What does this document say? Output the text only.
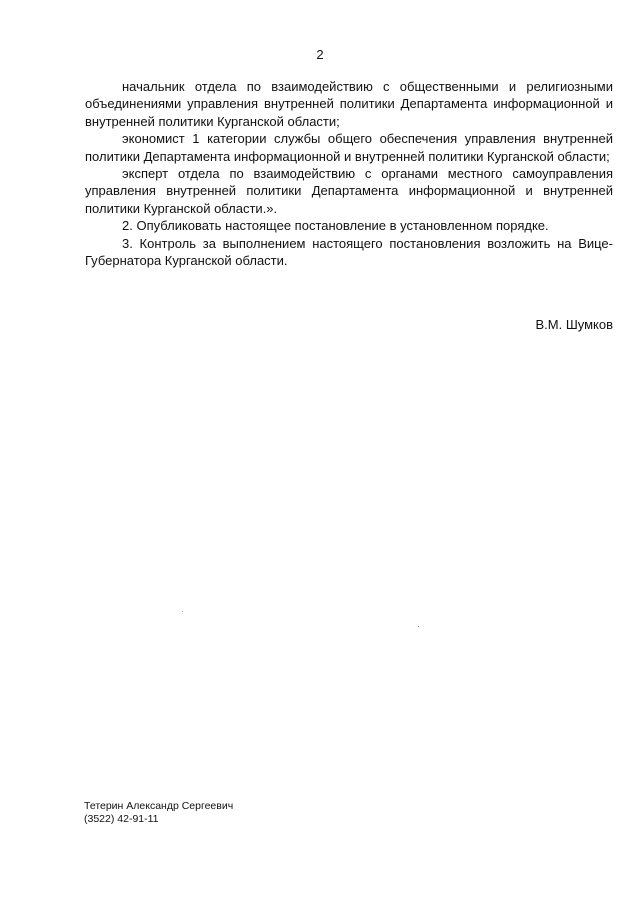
2

начальник отдела по взаимодействию с общественными и религиозными объединениями управления внутренней политики Департамента информационной и внутренней политики Курганской области;

экономист 1 категории службы общего обеспечения управления внутренней политики Департамента информационной и внутренней политики Курганской области;

эксперт отдела по взаимодействию с органами местного самоуправления управления внутренней политики Департамента информационной и внутренней политики Курганской области.».

2. Опубликовать настоящее постановление в установленном порядке.

3. Контроль за выполнением настоящего постановления возложить на Вице-Губернатора Курганской области.

В.М. Шумков
Тетерин Александр Сергеевич
(3522) 42-91-11
